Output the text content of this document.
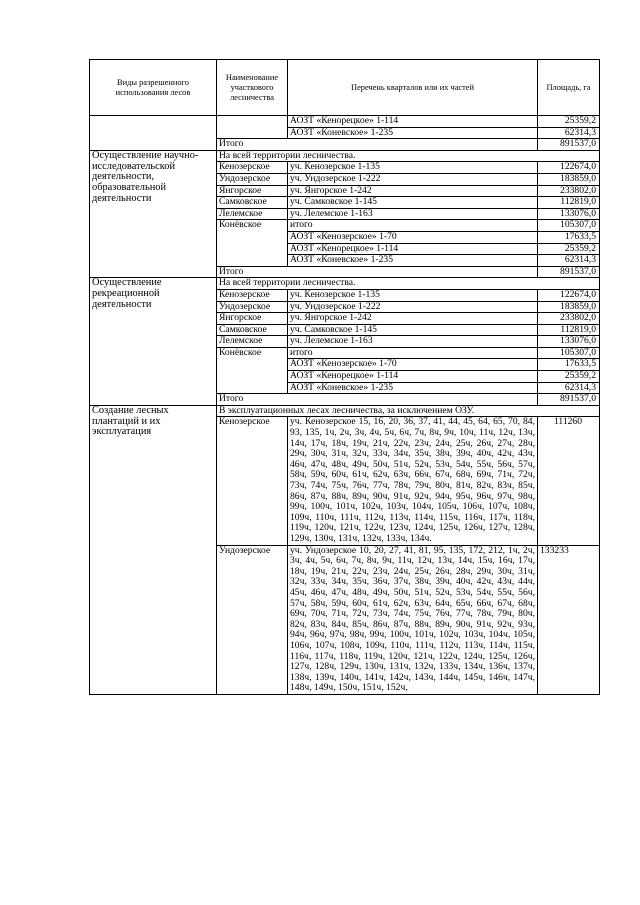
Виды разрешенного использования лесов	Наименование участкового лесничества	Перечень кварталов или их частей	Площадь, га
		АОЗТ «Кенорецкое» 1-114	25359,2
		АОЗТ «Коневское» 1-235	62314,3
	Итого		891537,0
Осуществление научно-исследовательской деятельности, образовательной деятельности	На всей территории лесничества.		
	Кенозерское	уч. Кенозерское 1-135	122674,0
	Ундозерское	уч. Ундозерское 1-222	183859,0
	Янгорское	уч. Янгорское 1-242	233802,0
	Самковское	уч. Самковское 1-145	112819,0
	Лелемское	уч. Лелемское 1-163	133076,0
	Конёвское	итого	105307,0
		АОЗТ «Кенозерское» 1-70	17633,5
		АОЗТ «Кенорецкое» 1-114	25359,2
		АОЗТ «Коневское» 1-235	62314,3
	Итого		891537,0
Осуществление рекреационной деятельности	На всей территории лесничества.		
	Кенозерское	уч. Кенозерское 1-135	122674,0
	Ундозерское	уч. Ундозерское 1-222	183859,0
	Янгорское	уч. Янгорское 1-242	233802,0
	Самковское	уч. Самковское 1-145	112819,0
	Лелемское	уч. Лелемское 1-163	133076,0
	Конёвское	итого	105307,0
		АОЗТ «Кенозерское» 1-70	17633,5
		АОЗТ «Кенорецкое» 1-114	25359,2
		АОЗТ «Коневское» 1-235	62314,3
	Итого		891537,0
Создание лесных плантаций и их эксплуатация	В эксплуатационных лесах лесничества, за исключением ОЗУ.		
	Кенозерское	уч. Кенозерское 15, 16, 20, 36, 37, 41, 44, 45, 64, 65, 70, 84, 93, 135, 1ч, 2ч, 3ч, 4ч, 5ч, 6ч, 7ч, 8ч, 9ч, 10ч, 11ч, 12ч, 13ч, 14ч, 17ч, 18ч, 19ч, 21ч, 22ч, 23ч, 24ч, 25ч, 26ч, 27ч, 28ч, 29ч, 30ч, 31ч, 32ч, 33ч, 34ч, 35ч, 38ч, 39ч, 40ч, 42ч, 43ч, 46ч, 47ч, 48ч, 49ч, 50ч, 51ч, 52ч, 53ч, 54ч, 55ч, 56ч, 57ч, 58ч, 59ч, 60ч, 61ч, 62ч, 63ч, 66ч, 67ч, 68ч, 69ч, 71ч, 72ч, 73ч, 74ч, 75ч, 76ч, 77ч, 78ч, 79ч, 80ч, 81ч, 82ч, 83ч, 85ч, 86ч, 87ч, 88ч, 89ч, 90ч, 91ч, 92ч, 94ч, 95ч, 96ч, 97ч, 98ч, 99ч, 100ч, 101ч, 102ч, 103ч, 104ч, 105ч, 106ч, 107ч, 108ч, 109ч, 110ч, 111ч, 112ч, 113ч, 114ч, 115ч, 116ч, 117ч, 118ч, 119ч, 120ч, 121ч, 122ч, 123ч, 124ч, 125ч, 126ч, 127ч, 128ч, 129ч, 130ч, 131ч, 132ч, 133ч, 134ч.	111260
	Ундозерское	уч. Ундозерское 10, 20, 27, 41, 81, 95, 135, 172, 212, 1ч, 2ч, 3ч, 4ч, 5ч, 6ч, 7ч, 8ч, 9ч, 11ч, 12ч, 13ч, 14ч, 15ч, 16ч, 17ч, 18ч, 19ч, 21ч, 22ч, 23ч, 24ч, 25ч, 26ч, 28ч, 29ч, 30ч, 31ч, 32ч, 33ч, 34ч, 35ч, 36ч, 37ч, 38ч, 39ч, 40ч, 42ч, 43ч, 44ч, 45ч, 46ч, 47ч, 48ч, 49ч, 50ч, 51ч, 52ч, 53ч, 54ч, 55ч, 56ч, 57ч, 58ч, 59ч, 60ч, 61ч, 62ч, 63ч, 64ч, 65ч, 66ч, 67ч, 68ч, 69ч, 70ч, 71ч, 72ч, 73ч, 74ч, 75ч, 76ч, 77ч, 78ч, 79ч, 80ч, 82ч, 83ч, 84ч, 85ч, 86ч, 87ч, 88ч, 89ч, 90ч, 91ч, 92ч, 93ч, 94ч, 96ч, 97ч, 98ч, 99ч, 100ч, 101ч, 102ч, 103ч, 104ч, 105ч, 106ч, 107ч, 108ч, 109ч, 110ч, 111ч, 112ч, 113ч, 114ч, 115ч, 116ч, 117ч, 118ч, 119ч, 120ч, 121ч, 122ч, 124ч, 125ч, 126ч, 127ч, 128ч, 129ч, 130ч, 131ч, 132ч, 133ч, 134ч, 136ч, 137ч, 138ч, 139ч, 140ч, 141ч, 142ч, 143ч, 144ч, 145ч, 146ч, 147ч, 148ч, 149ч, 150ч, 151ч, 152ч,	133233
